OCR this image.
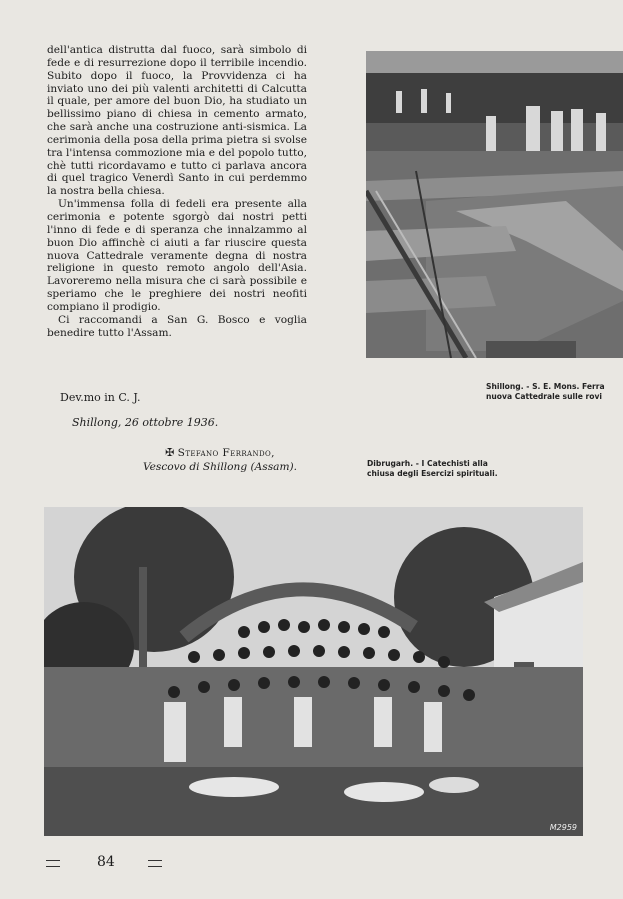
dell'antica distrutta dal fuoco, sarà simbolo di fede e di resurrezione dopo il terribile incendio. Subito dopo il fuoco, la Provvidenza ci ha inviato uno dei più valenti architetti di Calcutta il quale, per amore del buon Dio, ha studiato un bellissimo piano di chiesa in cemento armato, che sarà anche una costruzione anti-sismica. La cerimonia della posa della prima pietra si svolse tra l'intensa commozione mia e del popolo tutto, chè tutti ricordavamo e tutto ci parlava ancora di quel tragico Venerdì Santo in cui perdemmo la nostra bella chiesa.

Un'immensa folla di fedeli era presente alla cerimonia e potente sgorgò dai nostri petti l'inno di fede e di speranza che innalzammo al buon Dio affinchè ci aiuti a far riuscire questa nuova Cattedrale veramente degna di nostra religione in questo remoto angolo dell'Asia. Lavoreremo nella misura che ci sarà possibile e speriamo che le preghiere dei nostri neofiti compiano il prodigio.

Ci raccomandi a San G. Bosco e voglia benedire tutto l'Assam.

Dev.mo in C. J.
Shillong, 26 ottobre 1936.
✠ Stefano Ferrando,
Vescovo di Shillong (Assam).
Shillong. - S. E. Mons. Ferra
nuova Cattedrale sulle rovi
Dibrugarh. - I Catechisti alla
chiusa degli Esercizi spirituali.
M2959
84
